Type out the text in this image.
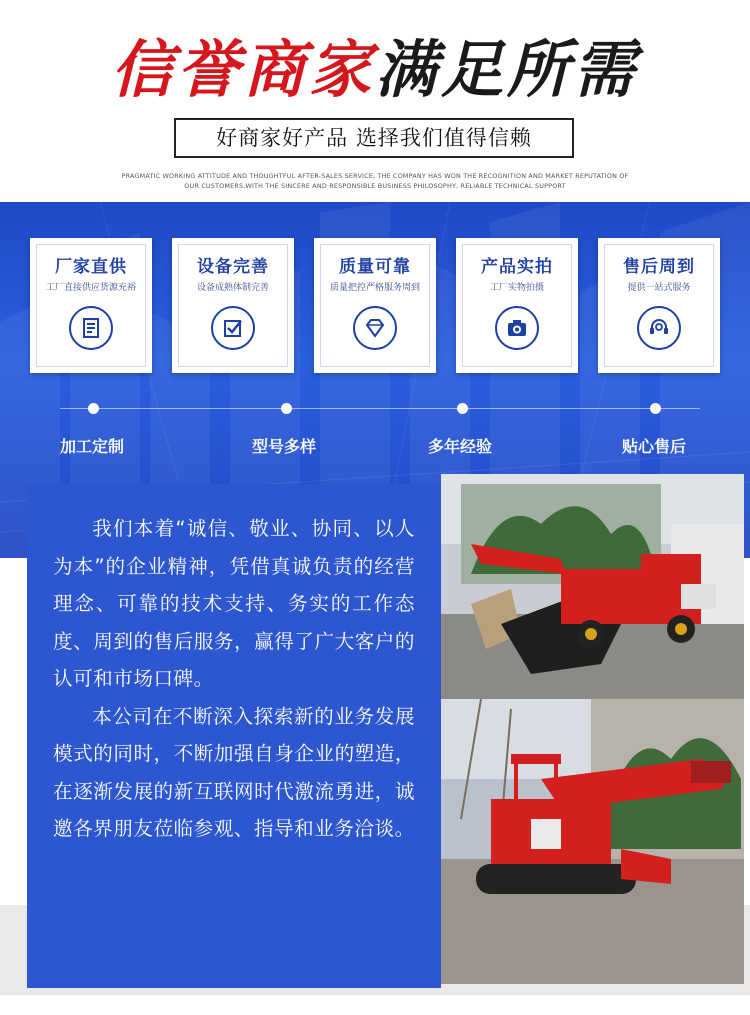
信誉商家满足所需
好商家好产品 选择我们值得信赖
PRAGMATIC WORKING ATTITUDE AND THOUGHTFUL AFTER-SALES SERVICE, THE COMPANY HAS WON THE RECOGNITION AND MARKET REPUTATION OF
OUR CUSTOMERS,WITH THE SINCERE AND RESPONSIBLE BUSINESS PHILOSOPHY, RELIABLE TECHNICAL SUPPORT
厂家直供
工厂直接供应货源充裕
设备完善
设备成熟体制完善
质量可靠
质量把控严格服务周到
产品实拍
工厂实物拍摄
售后周到
提供一站式服务
加工定制	型号多样	多年经验	贴心售后

我们本着“诚信、敬业、协同、以人为本”的企业精神，凭借真诚负责的经营理念、可靠的技术支持、务实的工作态度、周到的售后服务，赢得了广大客户的认可和市场口碑。

本公司在不断深入探索新的业务发展模式的同时，不断加强自身企业的塑造，在逐渐发展的新互联网时代激流勇进，诚邀各界朋友莅临参观、指导和业务洽谈。
